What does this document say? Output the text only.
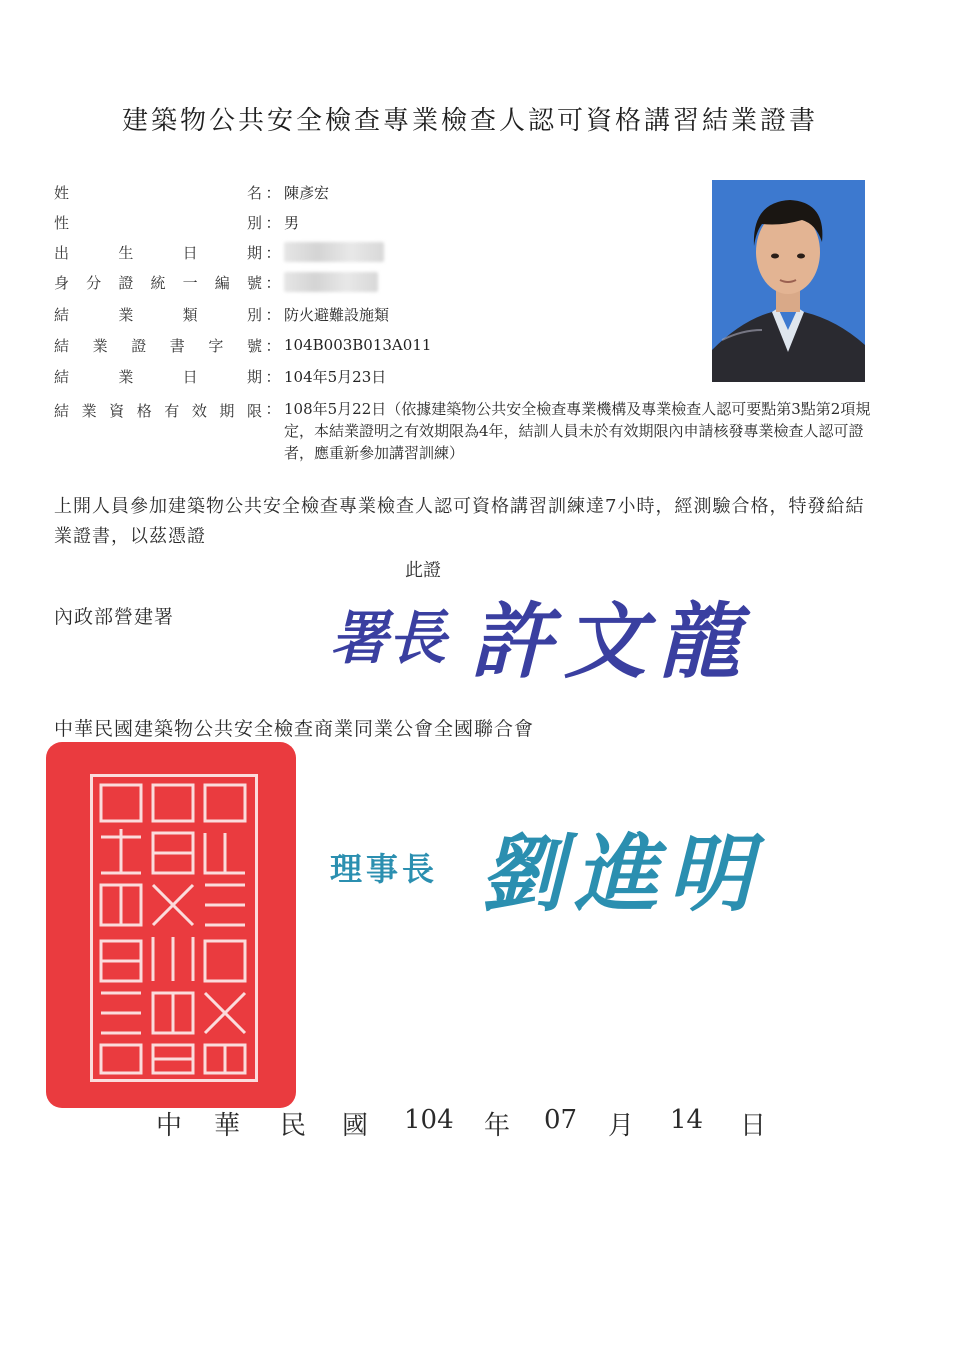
建築物公共安全檢查專業檢查人認可資格講習結業證書
姓	名 ： 陳彥宏
性	別 ： 男
出	生	日	期 ：
身 分 證 統 一 編 號 ：
結	業	類	別 ： 防火避難設施類
結 業 證 書 字 號 ： 104B003B013A011
結	業	日	期 ： 104年5月23日
結 業 資 格 有 效 期 限 ： 108年5月22日（依據建築物公共安全檢查專業機構及專業檢查人認可要點第3點第2項規定，本結業證明之有效期限為4年，結訓人員未於有效期限內申請核發專業檢查人認可證者，應重新參加講習訓練）
上開人員參加建築物公共安全檢查專業檢查人認可資格講習訓練達7小時，經測驗合格，特發給結業證書，以茲憑證
此證
內政部營建署	署長 許文龍
中華民國建築物公共安全檢查商業同業公會全國聯合會
理事長 劉進明
中 華 民 國 104 年 07 月 14 日
